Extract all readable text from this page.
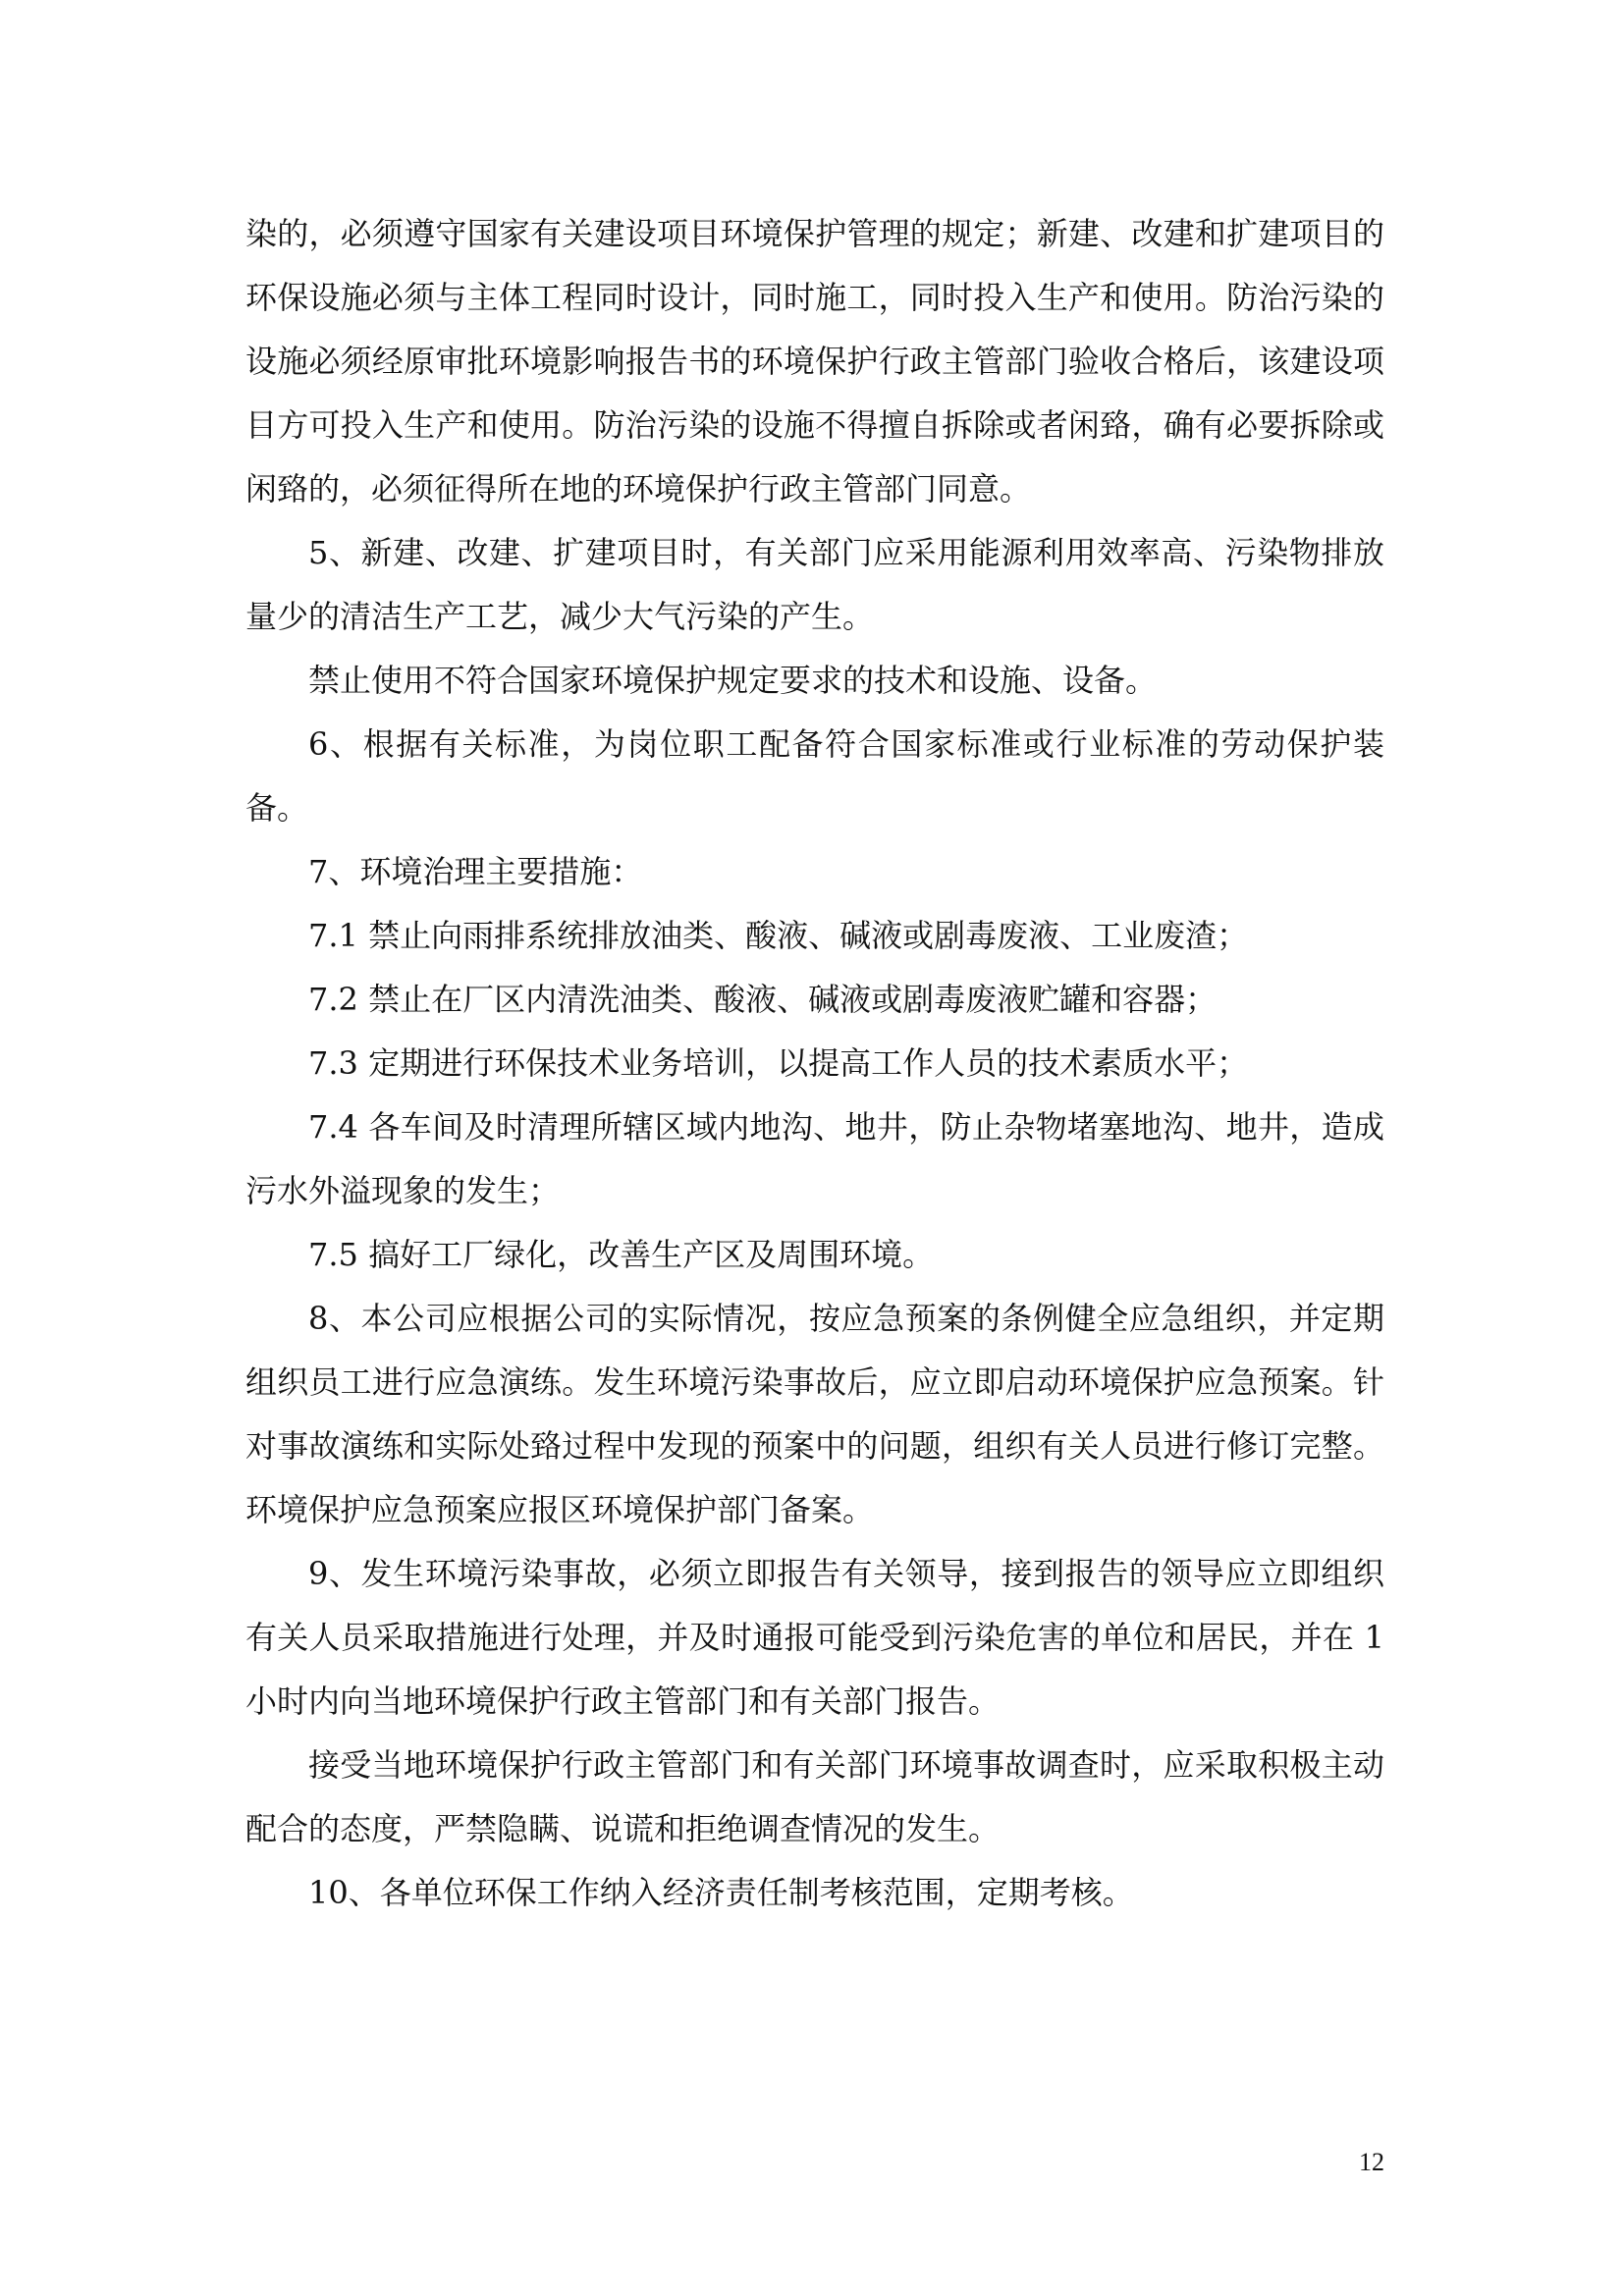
染的，必须遵守国家有关建设项目环境保护管理的规定；新建、改建和扩建项目的环保设施必须与主体工程同时设计，同时施工，同时投入生产和使用。防治污染的设施必须经原审批环境影响报告书的环境保护行政主管部门验收合格后，该建设项目方可投入生产和使用。防治污染的设施不得擅自拆除或者闲臵，确有必要拆除或闲臵的，必须征得所在地的环境保护行政主管部门同意。

5、新建、改建、扩建项目时，有关部门应采用能源利用效率高、污染物排放量少的清洁生产工艺，减少大气污染的产生。

禁止使用不符合国家环境保护规定要求的技术和设施、设备。

6、根据有关标准，为岗位职工配备符合国家标准或行业标准的劳动保护装备。

7、环境治理主要措施：

7.1 禁止向雨排系统排放油类、酸液、碱液或剧毒废液、工业废渣；

7.2 禁止在厂区内清洗油类、酸液、碱液或剧毒废液贮罐和容器；

7.3 定期进行环保技术业务培训，以提高工作人员的技术素质水平；

7.4 各车间及时清理所辖区域内地沟、地井，防止杂物堵塞地沟、地井，造成污水外溢现象的发生；

7.5 搞好工厂绿化，改善生产区及周围环境。

8、本公司应根据公司的实际情况，按应急预案的条例健全应急组织，并定期组织员工进行应急演练。发生环境污染事故后，应立即启动环境保护应急预案。针对事故演练和实际处臵过程中发现的预案中的问题，组织有关人员进行修订完整。环境保护应急预案应报区环境保护部门备案。

9、发生环境污染事故，必须立即报告有关领导，接到报告的领导应立即组织有关人员采取措施进行处理，并及时通报可能受到污染危害的单位和居民，并在 1 小时内向当地环境保护行政主管部门和有关部门报告。

接受当地环境保护行政主管部门和有关部门环境事故调查时，应采取积极主动配合的态度，严禁隐瞒、说谎和拒绝调查情况的发生。

10、各单位环保工作纳入经济责任制考核范围，定期考核。

12
